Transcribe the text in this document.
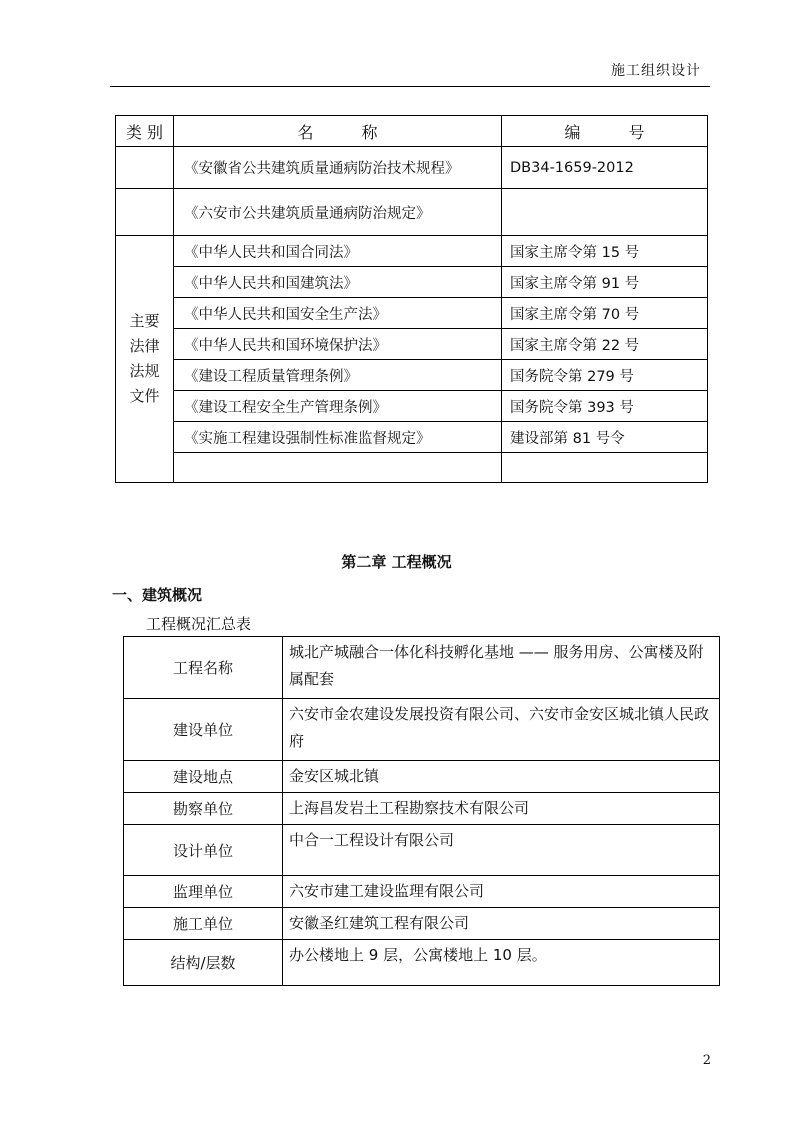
施工组织设计
类 别	名　　　称	编　　　号
	《安徽省公共建筑质量通病防治技术规程》	DB34-1659-2012
	《六安市公共建筑质量通病防治规定》	

主要
法律
法规
文件	《中华人民共和国合同法》	国家主席令第 15 号
	《中华人民共和国建筑法》	国家主席令第 91 号
	《中华人民共和国安全生产法》	国家主席令第 70 号
	《中华人民共和国环境保护法》	国家主席令第 22 号
	《建设工程质量管理条例》	国务院令第 279 号
	《建设工程安全生产管理条例》	国务院令第 393 号
	《实施工程建设强制性标准监督规定》	建设部第 81 号令

第二章 工程概况
一、建筑概况
工程概况汇总表
工程名称	城北产城融合一体化科技孵化基地 —— 服务用房、公寓楼及附属配套
建设单位	六安市金农建设发展投资有限公司、六安市金安区城北镇人民政府
建设地点	金安区城北镇
勘察单位	上海昌发岩土工程勘察技术有限公司
设计单位	中合一工程设计有限公司
监理单位	六安市建工建设监理有限公司
施工单位	安徽圣红建筑工程有限公司
结构/层数	办公楼地上 9 层，公寓楼地上 10 层。
2
